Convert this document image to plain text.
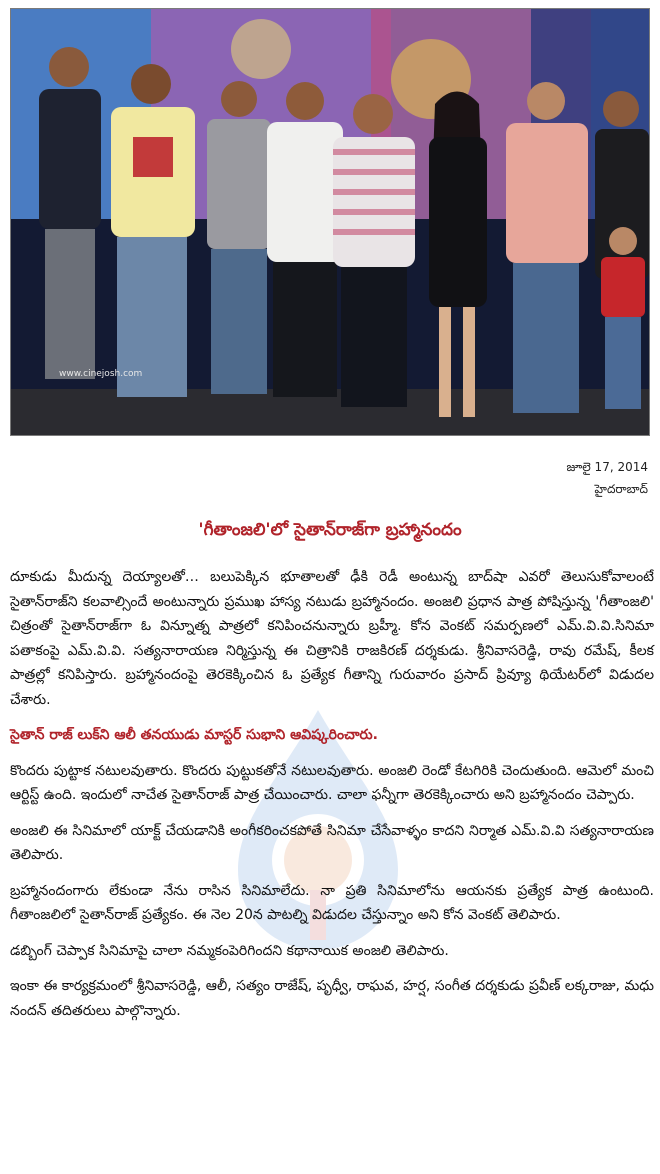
www.cinejosh.com
జూలై 17, 2014
హైదరాబాద్
'గీతాంజలి'లో సైతాన్‌రాజ్‌గా బ్రహ్మానందం

దూకుడు మీదున్న దెయ్యాలతో… బలుపెక్కిన భూతాలతో ఢీకి రెడీ అంటున్న బాద్‌షా ఎవరో తెలుసుకోవాలంటే సైతాన్‌రాజ్‌ని కలవాల్సిందే అంటున్నారు ప్రముఖ హాస్య నటుడు బ్రహ్మానందం. అంజలి ప్రధాన పాత్ర పోషిస్తున్న 'గీతాంజలి' చిత్రంతో సైతాన్‌రాజ్‌గా ఓ విన్నూత్న పాత్రలో కనిపించనున్నారు బ్రహ్మీ. కోన వెంకట్ సమర్పణలో ఎమ్.వి.వి.సినిమా పతాకంపై ఎమ్.వి.వి. సత్యనారాయణ నిర్మిస్తున్న ఈ చిత్రానికి రాజకిరణ్ దర్శకుడు. శ్రీనివాసరెడ్డి, రావు రమేష్, కీలక పాత్రల్లో కనిపిస్తారు. బ్రహ్మానందంపై తెరకెక్కించిన ఓ ప్రత్యేక గీతాన్ని గురువారం ప్రసాద్ ప్రివ్యూ థియేటర్‌లో విడుదల చేశారు.

సైతాన్ రాజ్ లుక్‌ని ఆలీ తనయుడు మాస్టర్ సుభాని ఆవిష్కరించారు.

కొందరు పుట్టాక నటులవుతారు. కొందరు పుట్టుకతోనే నటులవుతారు. అంజలి రెండో కేటగిరికి చెందుతుంది. ఆమెలో మంచి ఆర్టిస్ట్ ఉంది. ఇందులో నాచేత సైతాన్‌రాజ్ పాత్ర చేయించారు. చాలా ఫన్నీగా తెరకెక్కించారు అని బ్రహ్మానందం చెప్పారు.

అంజలి ఈ సినిమాలో యాక్ట్ చేయడానికి అంగీకరించకపోతే సినిమా చేసేవాళ్ళం కాదని నిర్మాత ఎమ్.వి.వి సత్యనారాయణ తెలిపారు.

బ్రహ్మానందంగారు లేకుండా నేను రాసిన సినిమాలేదు. నా ప్రతి సినిమాలోను ఆయనకు ప్రత్యేక పాత్ర ఉంటుంది. గీతాంజలిలో సైతాన్‌రాజ్ ప్రత్యేకం. ఈ నెల 20న పాటల్ని విడుదల చేస్తున్నాం అని కోన వెంకట్ తెలిపారు.

డబ్బింగ్ చెప్పాక సినిమాపై చాలా నమ్మకంపెరిగిందని కథానాయిక అంజలి తెలిపారు.

ఇంకా ఈ కార్యక్రమంలో శ్రీనివాసరెడ్డి, ఆలీ, సత్యం రాజేష్, పృధ్వీ, రాఘవ, హర్ష, సంగీత దర్శకుడు ప్రవీణ్ లక్కరాజు, మధు నందన్ తదితరులు పాల్గొన్నారు.
